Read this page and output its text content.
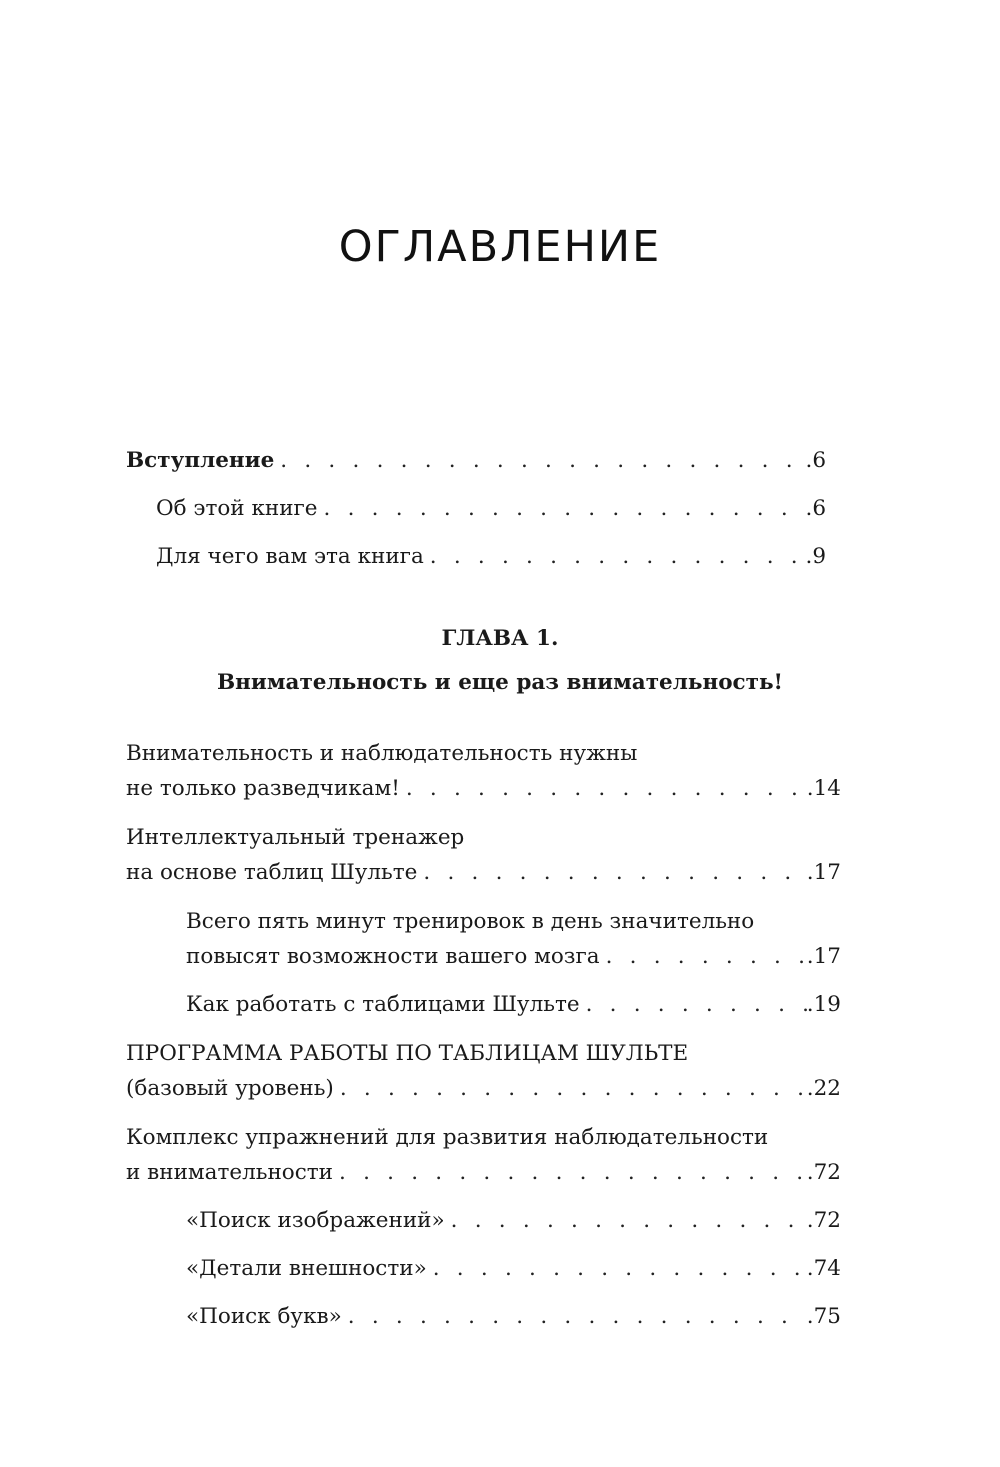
ОГЛАВЛЕНИЕ
Вступление . . .	.6
Об этой книге . . .	.6
Для чего вам эта книга . . .	.9
ГЛАВА 1.
Внимательность и еще раз внимательность!
Внимательность и наблюдательность нужны
не только разведчикам! . . .	.14
Интеллектуальный тренажер
на основе таблиц Шульте . . .	.17
Всего пять минут тренировок в день значительно
повысят возможности вашего мозга . . .	.17
Как работать с таблицами Шульте . . .	.19
ПРОГРАММА РАБОТЫ ПО ТАБЛИЦАМ ШУЛЬТЕ
(базовый уровень) . . .	.22
Комплекс упражнений для развития наблюдательности
и внимательности . . .	.72
«Поиск изображений» . . .	.72
«Детали внешности» . . .	.74
«Поиск букв» . . .	.75
